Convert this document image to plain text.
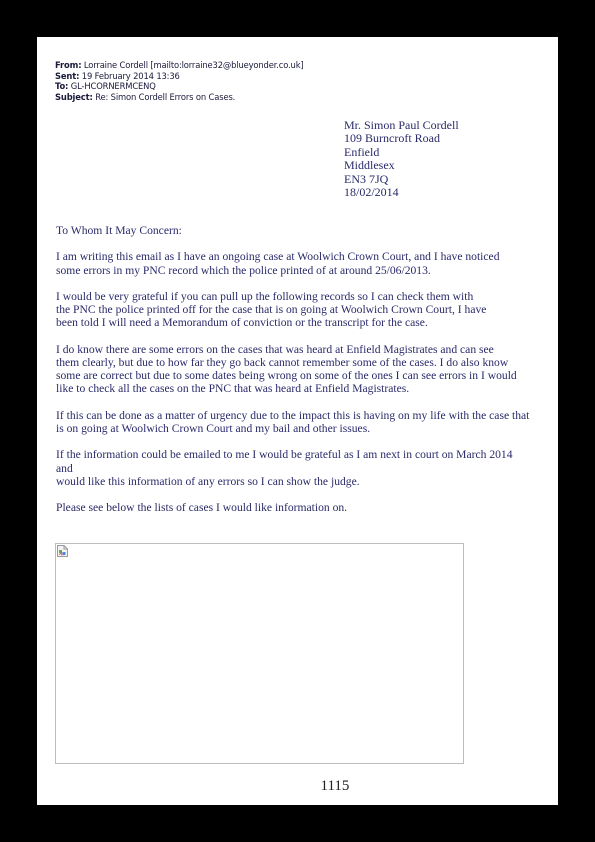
From: Lorraine Cordell [mailto:lorraine32@blueyonder.co.uk]
Sent: 19 February 2014 13:36
To: GL-HCORNERMCENQ
Subject: Re: Simon Cordell Errors on Cases.
Mr. Simon Paul Cordell
109 Burncroft Road
Enfield
Middlesex
EN3 7JQ
18/02/2014
To Whom It May Concern:
I am writing this email as I have an ongoing case at Woolwich Crown Court, and I have noticed
some errors in my PNC record which the police printed of at around 25/06/2013.
I would be very grateful if you can pull up the following records so I can check them with
the PNC the police printed off for the case that is on going at Woolwich Crown Court, I have
been told I will need a Memorandum of conviction or the transcript for the case.
I do know there are some errors on the cases that was heard at Enfield Magistrates and can see
them clearly, but due to how far they go back cannot remember some of the cases. I do also know
some are correct but due to some dates being wrong on some of the ones I can see errors in I would
like to check all the cases on the PNC that was heard at Enfield Magistrates.
If this can be done as a matter of urgency due to the impact this is having on my life with the case that
is on going at Woolwich Crown Court and my bail and other issues.
If the information could be emailed to me I would be grateful as I am next in court on March 2014
and
would like this information of any errors so I can show the judge.
Please see below the lists of cases I would like information on.
1115
